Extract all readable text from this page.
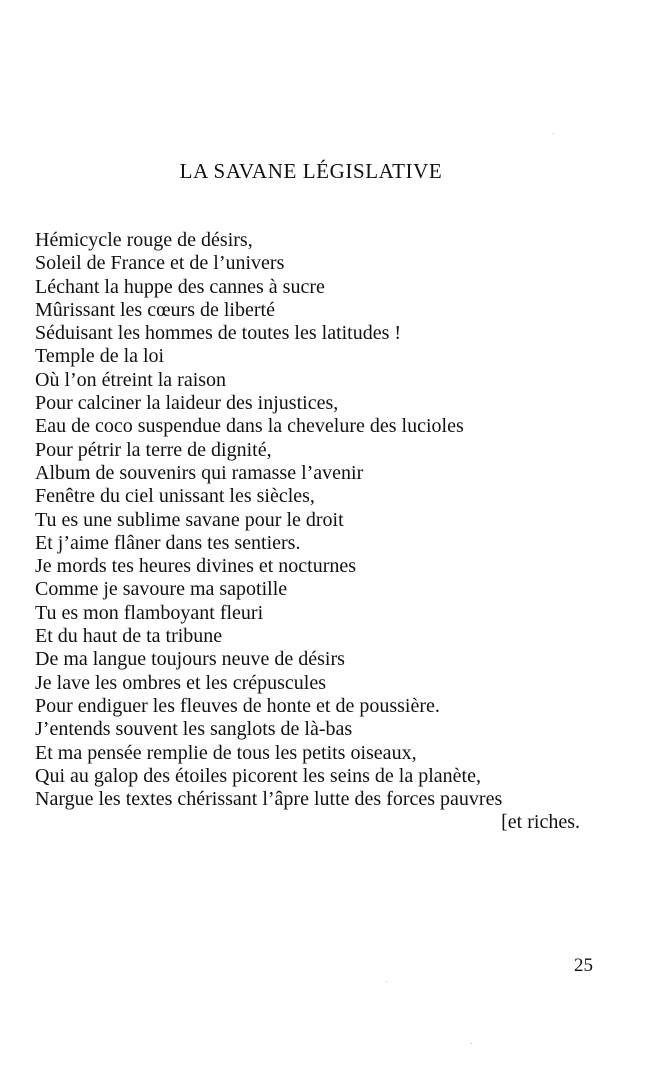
LA SAVANE LÉGISLATIVE
Hémicycle rouge de désirs,
Soleil de France et de l’univers
Léchant la huppe des cannes à sucre
Mûrissant les cœurs de liberté
Séduisant les hommes de toutes les latitudes !
Temple de la loi
Où l’on étreint la raison
Pour calciner la laideur des injustices,
Eau de coco suspendue dans la chevelure des lucioles
Pour pétrir la terre de dignité,
Album de souvenirs qui ramasse l’avenir
Fenêtre du ciel unissant les siècles,
Tu es une sublime savane pour le droit
Et j’aime flâner dans tes sentiers.
Je mords tes heures divines et nocturnes
Comme je savoure ma sapotille
Tu es mon flamboyant fleuri
Et du haut de ta tribune
De ma langue toujours neuve de désirs
Je lave les ombres et les crépuscules
Pour endiguer les fleuves de honte et de poussière.
J’entends souvent les sanglots de là-bas
Et ma pensée remplie de tous les petits oiseaux,
Qui au galop des étoiles picorent les seins de la planète,
Nargue les textes chérissant l’âpre lutte des forces pauvres
[et riches.
25
